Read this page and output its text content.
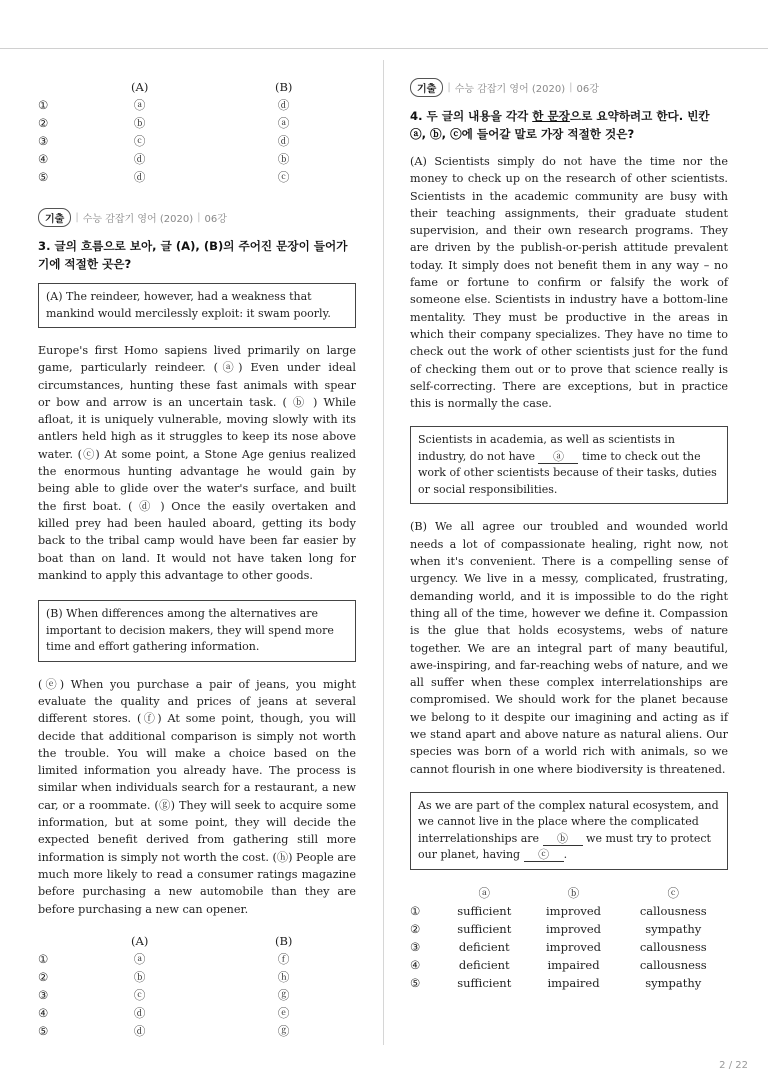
	(A)	(B)
①	ⓐ	ⓓ
②	ⓑ	ⓐ
③	ⓒ	ⓓ
④	ⓓ	ⓑ
⑤	ⓓ	ⓒ
기출	| 수능 감잡기 영어 (2020) | 06강
3. 글의 흐름으로 보아, 글 (A), (B)의 주어진 문장이 들어가기에 적절한 곳은?
(A) The reindeer, however, had a weakness that mankind would mercilessly exploit: it swam poorly.

Europe's first Homo sapiens lived primarily on large game, particularly reindeer. (ⓐ) Even under ideal circumstances, hunting these fast animals with spear or bow and arrow is an uncertain task. ( ⓑ ) While afloat, it is uniquely vulnerable, moving slowly with its antlers held high as it struggles to keep its nose above water. (ⓒ) At some point, a Stone Age genius realized the enormous hunting advantage he would gain by being able to glide over the water's surface, and built the first boat. ( ⓓ ) Once the easily overtaken and killed prey had been hauled aboard, getting its body back to the tribal camp would have been far easier by boat than on land. It would not have taken long for mankind to apply this advantage to other goods.

(B) When differences among the alternatives are important to decision makers, they will spend more time and effort gathering information.

(ⓔ) When you purchase a pair of jeans, you might evaluate the quality and prices of jeans at several different stores. (ⓕ) At some point, though, you will decide that additional comparison is simply not worth the trouble. You will make a choice based on the limited information you already have. The process is similar when individuals search for a restaurant, a new car, or a roommate. (ⓖ) They will seek to acquire some information, but at some point, they will decide the expected benefit derived from gathering still more information is simply not worth the cost. (ⓗ) People are much more likely to read a consumer ratings magazine before purchasing a new automobile than they are before purchasing a new can opener.

	(A)	(B)
①	ⓐ	ⓕ
②	ⓑ	ⓗ
③	ⓒ	ⓖ
④	ⓓ	ⓔ
⑤	ⓓ	ⓖ
기출	| 수능 감잡기 영어 (2020) | 06강
4. 두 글의 내용을 각각 한 문장으로 요약하려고 한다. 빈칸 ⓐ, ⓑ, ⓒ에 들어갈 말로 가장 적절한 것은?

(A) Scientists simply do not have the time nor the money to check up on the research of other scientists. Scientists in the academic community are busy with their teaching assignments, their graduate student supervision, and their own research programs. They are driven by the publish-or-perish attitude prevalent today. It simply does not benefit them in any way – no fame or fortune to confirm or falsify the work of someone else. Scientists in industry have a bottom-line mentality. They must be productive in the areas in which their company specializes. They have no time to check out the work of other scientists just for the fund of checking them out or to prove that science really is self-correcting. There are exceptions, but in practice this is normally the case.

Scientists in academia, as well as scientists in industry, do not have ⓐ time to check out the work of other scientists because of their tasks, duties or social responsibilities.

(B) We all agree our troubled and wounded world needs a lot of compassionate healing, right now, not when it's convenient. There is a compelling sense of urgency. We live in a messy, complicated, frustrating, demanding world, and it is impossible to do the right thing all of the time, however we define it. Compassion is the glue that holds ecosystems, webs of nature together. We are an integral part of many beautiful, awe-inspiring, and far-reaching webs of nature, and we all suffer when these complex interrelationships are compromised. We should work for the planet because we belong to it despite our imagining and acting as if we stand apart and above nature as natural aliens. Our species was born of a world rich with animals, so we cannot flourish in one where biodiversity is threatened.

As we are part of the complex natural ecosystem, and we cannot live in the place where the complicated interrelationships are ⓑ we must try to protect our planet, having ⓒ .
	ⓐ	ⓑ	ⓒ
①	sufficient	improved	callousness
②	sufficient	improved	sympathy
③	deficient	improved	callousness
④	deficient	impaired	callousness
⑤	sufficient	impaired	sympathy
2 / 22
